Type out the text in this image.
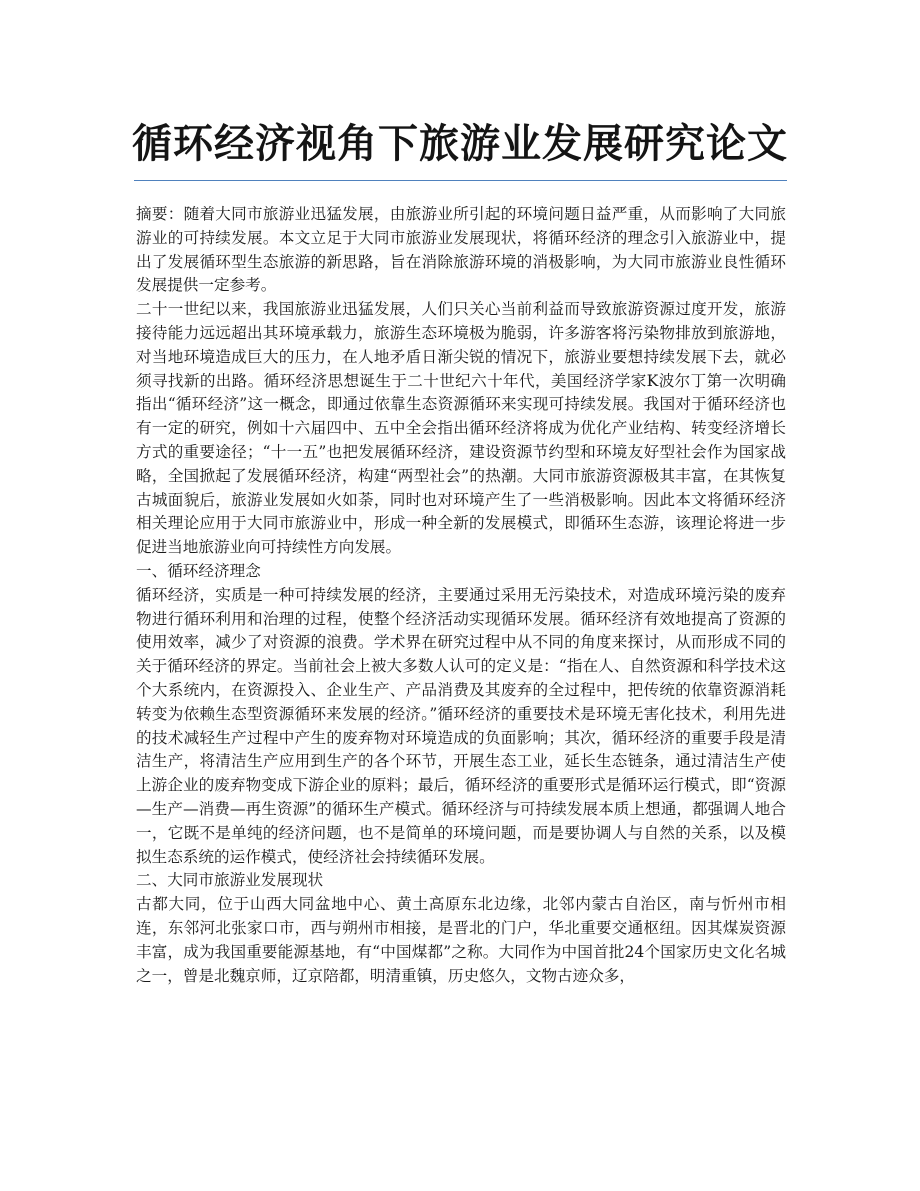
循环经济视角下旅游业发展研究论文

摘要：随着大同市旅游业迅猛发展，由旅游业所引起的环境问题日益严重，从而影响了大同旅游业的可持续发展。本文立足于大同市旅游业发展现状，将循环经济的理念引入旅游业中，提出了发展循环型生态旅游的新思路，旨在消除旅游环境的消极影响，为大同市旅游业良性循环发展提供一定参考。

二十一世纪以来，我国旅游业迅猛发展，人们只关心当前利益而导致旅游资源过度开发，旅游接待能力远远超出其环境承载力，旅游生态环境极为脆弱，许多游客将污染物排放到旅游地，对当地环境造成巨大的压力，在人地矛盾日渐尖锐的情况下，旅游业要想持续发展下去，就必须寻找新的出路。循环经济思想诞生于二十世纪六十年代，美国经济学家K波尔丁第一次明确指出“循环经济”这一概念，即通过依靠生态资源循环来实现可持续发展。我国对于循环经济也有一定的研究，例如十六届四中、五中全会指出循环经济将成为优化产业结构、转变经济增长方式的重要途径；“十一五”也把发展循环经济，建设资源节约型和环境友好型社会作为国家战略，全国掀起了发展循环经济，构建“两型社会”的热潮。大同市旅游资源极其丰富，在其恢复古城面貌后，旅游业发展如火如荼，同时也对环境产生了一些消极影响。因此本文将循环经济相关理论应用于大同市旅游业中，形成一种全新的发展模式，即循环生态游，该理论将进一步促进当地旅游业向可持续性方向发展。

一、循环经济理念

循环经济，实质是一种可持续发展的经济，主要通过采用无污染技术，对造成环境污染的废弃物进行循环利用和治理的过程，使整个经济活动实现循环发展。循环经济有效地提高了资源的使用效率，减少了对资源的浪费。学术界在研究过程中从不同的角度来探讨，从而形成不同的关于循环经济的界定。当前社会上被大多数人认可的定义是：“指在人、自然资源和科学技术这个大系统内，在资源投入、企业生产、产品消费及其废弃的全过程中，把传统的依靠资源消耗转变为依赖生态型资源循环来发展的经济。”循环经济的重要技术是环境无害化技术，利用先进的技术减轻生产过程中产生的废弃物对环境造成的负面影响；其次，循环经济的重要手段是清洁生产，将清洁生产应用到生产的各个环节，开展生态工业，延长生态链条，通过清洁生产使上游企业的废弃物变成下游企业的原料；最后，循环经济的重要形式是循环运行模式，即“资源—生产—消费—再生资源”的循环生产模式。循环经济与可持续发展本质上想通，都强调人地合一，它既不是单纯的经济问题，也不是简单的环境问题，而是要协调人与自然的关系，以及模拟生态系统的运作模式，使经济社会持续循环发展。

二、大同市旅游业发展现状

古都大同，位于山西大同盆地中心、黄土高原东北边缘，北邻内蒙古自治区，南与忻州市相连，东邻河北张家口市，西与朔州市相接，是晋北的门户，华北重要交通枢纽。因其煤炭资源丰富，成为我国重要能源基地，有“中国煤都”之称。大同作为中国首批24个国家历史文化名城之一，曾是北魏京师，辽京陪都，明清重镇，历史悠久，文物古迹众多，
